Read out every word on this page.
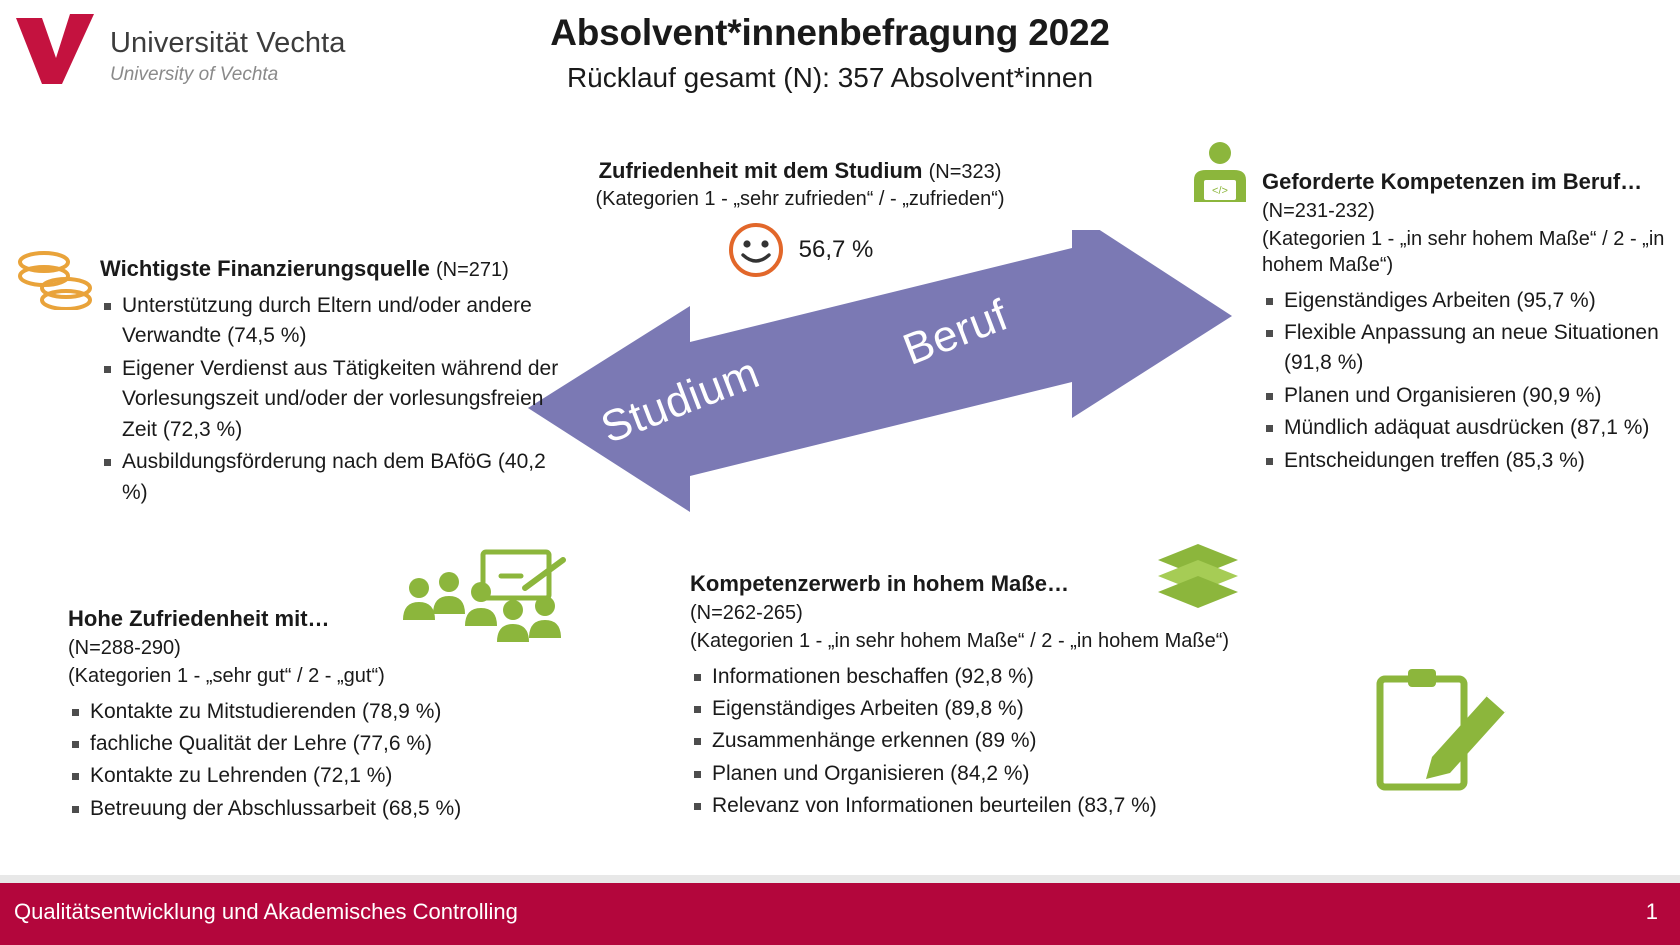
Universität Vechta
University of Vechta
Absolvent*innenbefragung 2022
Rücklauf gesamt (N): 357 Absolvent*innen
Studium
Beruf
Zufriedenheit mit dem Studium (N=323)
(Kategorien 1 - „sehr zufrieden“ / - „zufrieden“)
56,7 %
Wichtigste Finanzierungsquelle (N=271)
Unterstützung durch Eltern und/oder andere Verwandte (74,5 %)
Eigener Verdienst aus Tätigkeiten während der Vorlesungszeit und/oder der vorlesungsfreien Zeit (72,3 %)
Ausbildungsförderung nach dem BAföG (40,2 %)
</> Geforderte Kompetenzen im Beruf…
(N=231-232)
(Kategorien 1 - „in sehr hohem Maße“ / 2 - „in hohem Maße“)
Eigenständiges Arbeiten (95,7 %)
Flexible Anpassung an neue Situationen (91,8 %)
Planen und Organisieren (90,9 %)
Mündlich adäquat ausdrücken (87,1 %)
Entscheidungen treffen (85,3 %)
Hohe Zufriedenheit mit…
(N=288-290)
(Kategorien 1 - „sehr gut“ / 2 - „gut“)
Kontakte zu Mitstudierenden (78,9 %)
fachliche Qualität der Lehre (77,6 %)
Kontakte zu Lehrenden (72,1 %)
Betreuung der Abschlussarbeit (68,5 %)
Kompetenzerwerb in hohem Maße…
(N=262-265)
(Kategorien 1 - „in sehr hohem Maße“ / 2 - „in hohem Maße“)
Informationen beschaffen (92,8 %)
Eigenständiges Arbeiten (89,8 %)
Zusammenhänge erkennen (89 %)
Planen und Organisieren (84,2 %)
Relevanz von Informationen beurteilen (83,7 %)
Qualitätsentwicklung und Akademisches Controlling	1
